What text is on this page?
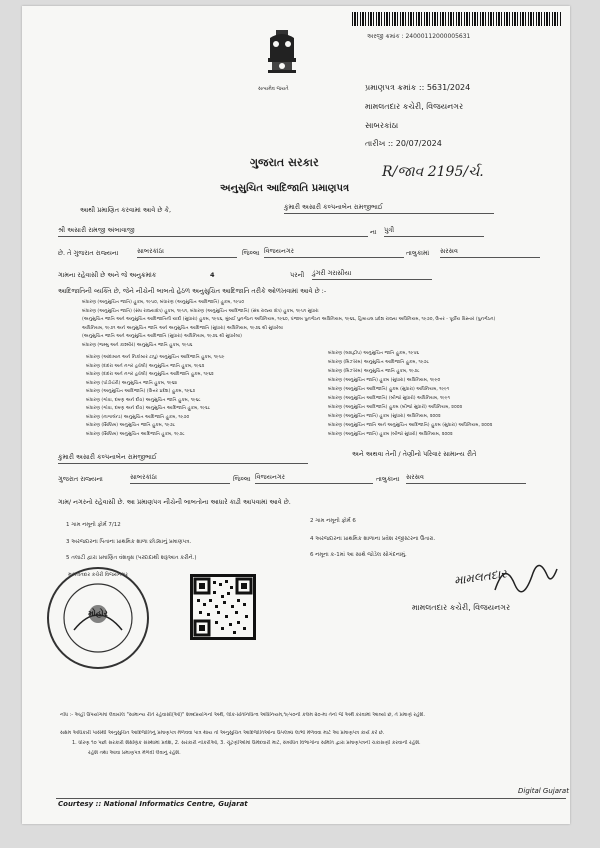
અરજી ક્રમાંક : 24000112000005631
સત્યમેવ જયતે	પ્રમાણપત્ર ક્રમાંક :: 5631/2024
મામલતદાર કચેરી, વિજયનગર
સાબરકાંઠા
તારીખ :: 20/07/2024
R/જાવ 2195/ર્ચ.
ગુજરાત સરકાર
અનુસુચિત આદિજાતિ પ્રમાણપત્ર
આથી પ્રમાણિત કરવામાં આવે છે કે,	કુમારી અસારી કલ્પનાબેન રામજીભાઈ
શ્રી અસારી રામજી અંબાવાજી	ના પુત્રી
છે. તે ગુજરાત રાજ્યના	સાબરકાંઠા	જિલ્લા વિજયનગર	તાલુકામાં સરસવ
ગામના રહેવાસી છે અને જે અનુક્રમાંક	4	પરની ડુંગરી ગરાસીયા
આદિજાતિની વ્યક્તિ છે, જેને નીચેની બાબતો હેઠળ અનુસુચિત આદિજાતિ તરીકે ઓળખવામાં આવે છે :-
બંધારણ (અનુસુચિત જાતિ) હુકમ, ૧૯૫૦, બંધારણ (અનુસુચિત આદિજાતિ) હુકમ, ૧૯૫૦
બંધારણ (અનુસુચિત જાતિ) (સંઘ રાજ્યક્ષેત્ર) હુકમ, ૧૯૫૧, બંધારણ (અનુસુચિત આદિજાતિ) (સંઘ રાજ્ય ક્ષેત્ર) હુકમ, ૧૯૫૧ સુધારા
(અનુસુચિત જાતિ અને અનુસુચિત આદિજાતિની યાદી (સુધારા) હુકમ, ૧૯૫૬, મુંબઈ પુનર્ગઠન અધિનિયમ, ૧૯૬૦, પંજાબ પુનર્ગઠન અધિનિયમ, ૧૯૬૬, હિમાચલ પ્રદેશ રાજ્ય અધિનિયમ, ૧૯૭૦, ઉત્તર - પૂર્વીય વિસ્તાર (પુનર્ગઠન)
અધિનિયમ, ૧૯૭૧ અને અનુસુચિત જાતિ અને અનુસુચિત આદિજાતિ (સુધારા) અધિનિયમ, ૧૯૭૬ થી સુધારેલા
(અનુસુચિત જાતિ અને અનુસુચિત આદિજાતિ (સુધારા) અધિનિયમ, ૧૯૭૬ થી સુધારેલા)
બંધારણ (જમ્મુ અને કાશ્મીર) અનુસુચિત જાતિ હુકમ, ૧૯૫૬
બંધારણ (આંદામાન અને નિકોબાર ટાપુ) અનુસુચિત આદિજાતિ હુકમ, ૧૯૫૯
બંધારણ (દાદરા અને નગર હવેલી) અનુસુચિત જાતિ હુકમ, ૧૯૬૨
બંધારણ (દાદરા અને નગર હવેલી) અનુસુચિત આદિજાતિ હુકમ, ૧૯૬૨
બંધારણ (પોંડીચેરી) અનુસુચિત જાતિ હુકમ, ૧૯૬૪
બંધારણ (અનુસુચિત આદિજાતિ) (ઉત્તર પ્રદેશ) હુકમ, ૧૯૬૭
બંધારણ (ગોવા, દમણ અને દીવ) અનુસુચિત જાતિ હુકમ, ૧૯૬૮
બંધારણ (ગોવા, દમણ અને દીવ) અનુસુચિત આદિજાતિ હુકમ, ૧૯૬૮
બંધારણ (નાગાલેન્ડ) અનુસુચિત આદિજાતિ હુકમ, ૧૯૭૦
બંધારણ (સિક્કિમ) અનુસુચિત જાતિ હુકમ, ૧૯૭૮
બંધારણ (સિક્કિમ) અનુસુચિત આદિજાતિ હુકમ, ૧૯૭૮
બંધારણ (લક્ષદ્વીપ) અનુસુચિત જાતિ હુકમ, ૧૯૫૬
બંધારણ (મિઝોરમ) અનુસુચિત આદિજાતિ હુકમ, ૧૯૭૮
બંધારણ (મિઝોરમ) અનુસુચિત જાતિ હુકમ, ૧૯૭૮
બંધારણ (અનુસુચિત જાતિ) હુકમ (સુધારા) અધિનિયમ, ૧૯૯૦
બંધારણ (અનુસુચિત આદિજાતિ) હુકમ (સુધારા) અધિનિયમ, ૧૯૯૧
બંધારણ (અનુસુચિત આદિજાતિ) (બીજો સુધારો) અધિનિયમ, ૧૯૯૧
બંધારણ (અનુસુચિત આદિજાતિ) હુકમ (બીજો સુધારો) અધિનિયમ, ૨૦૦૨
બંધારણ (અનુસુચિત જાતિ) હુકમ (સુધારા) અધિનિયમ, ૨૦૦૨
બંધારણ (અનુસુચિત જાતિ અને અનુસુચિત આદિજાતિ) હુકમ (સુધારા) અધિનિયમ, ૨૦૦૨
બંધારણ (અનુસુચિત જાતિ) હુકમ (બીજો સુધારો) અધિનિયમ, ૨૦૦૨
અને અથવા તેની / તેણીનો પરિવાર સામાન્ય રીતે
કુમારી અસારી કલ્પનાબેન રામજીભાઈ
ગુજરાત રાજ્યના	સાબરકાંઠા	જિલ્લા વિજયનગર	તાલુકાના સરસવ
ગામ/ નગરનો રહેવાસી છે. આ પ્રમાણપત્ર નીચેની બાબતોના આધારે કાઢી આપવામાં આવે છે.
1 ગામ નમૂનો ફોર્મ 7/12
2 ગામ નમૂનો ફોર્મ 6
3 અરજદારના પિતાના પ્રાથમિક શાળા છોડ્યાનું પ્રમાણપત્ર.	4 અરજદારના પ્રાથમિક શાળાના પ્રવેશ રજીસ્ટરના ઉતારા.
5 તલાટી દ્વારા પ્રમાણિત વંશવૃક્ષ (પરદાદાથી શરૂઆત કરીને.)	6 નમૂના ક-1માં આ સાથે જોડેલ સોગંદનામું.
મામલતદાર કચેરી વિજયનગર
મોહોર
મામલતદાર
મામલતદાર કચેરી, વિજયનગર
નોંધ :- અહીં ઉપયોગમાં લેવાયેલ "સામાન્ય રીતે રહેવાસી(ઓ)" શબ્દપ્રયોગનો અર્થ, લોક-પ્રતિનિધિત્વ અધિનિયમ,૧૯૫૦ની કલમ ૨૦-મા તેનો જે અર્થ કરવામાં આવ્યો છે, તે પ્રમાણે રહેશે.
સક્ષમ અધિકારી પાસેથી અનુસુચિત આદિજાતિનું પ્રમાણપત્ર મેળવવા પાત્ર થાય તો અનુસુચિત આદિજાતિઓના ઉપલબ્ધ લાભો મેળવવા માટે આ પ્રમાણપત્ર કાર્ય કરે છે.
1. ધોરણ ૧૦ પછી સરકારી શૈક્ષણિક સંસ્થામાં પ્રવેશ, 2. સરકારી નોકરીઓ, 3. ચૂંટણીઓમાં ઉમેદવારી માટે, સંબંધિત વિભાગોના સમિતિ દ્વારા પ્રમાણપત્રની ચકાસણી કરવાની રહેશે.
રહેશે તથા આવા પ્રમાણપત્ર મેળવી લેવાનું રહેશે.
Courtesy :: National Informatics Centre, Gujarat
Digital Gujarat
